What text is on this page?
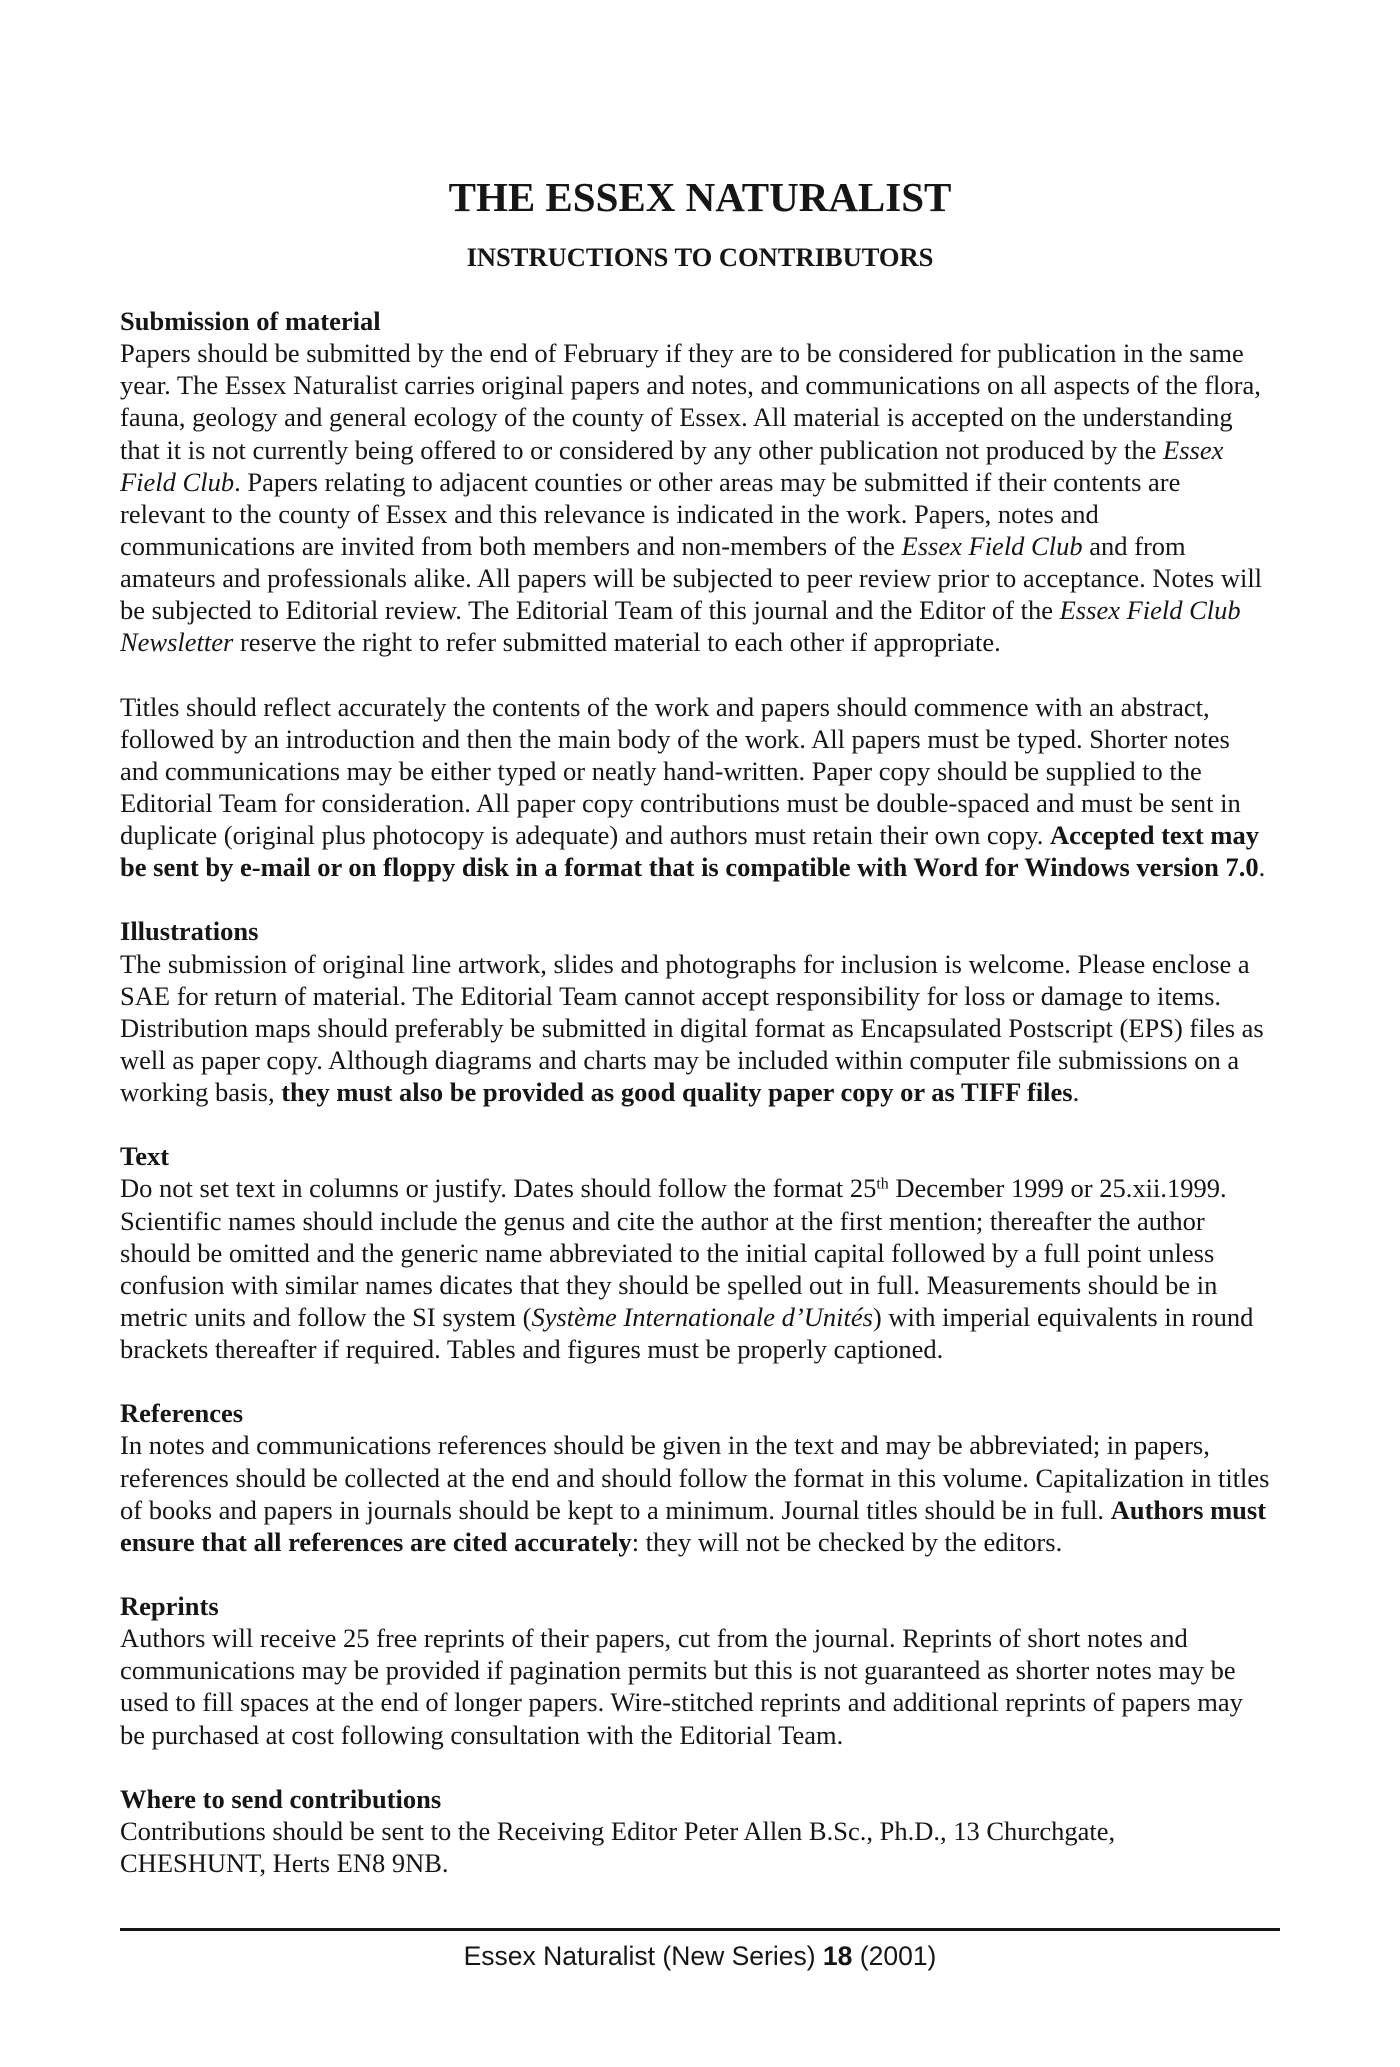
THE ESSEX NATURALIST
INSTRUCTIONS TO CONTRIBUTORS
Submission of material
Papers should be submitted by the end of February if they are to be considered for publication in the same
year. The Essex Naturalist carries original papers and notes, and communications on all aspects of the flora,
fauna, geology and general ecology of the county of Essex. All material is accepted on the understanding
that it is not currently being offered to or considered by any other publication not produced by the Essex
Field Club. Papers relating to adjacent counties or other areas may be submitted if their contents are
relevant to the county of Essex and this relevance is indicated in the work. Papers, notes and
communications are invited from both members and non-members of the Essex Field Club and from
amateurs and professionals alike. All papers will be subjected to peer review prior to acceptance. Notes will
be subjected to Editorial review. The Editorial Team of this journal and the Editor of the Essex Field Club
Newsletter reserve the right to refer submitted material to each other if appropriate.
Titles should reflect accurately the contents of the work and papers should commence with an abstract,
followed by an introduction and then the main body of the work. All papers must be typed. Shorter notes
and communications may be either typed or neatly hand-written. Paper copy should be supplied to the
Editorial Team for consideration. All paper copy contributions must be double-spaced and must be sent in
duplicate (original plus photocopy is adequate) and authors must retain their own copy. Accepted text may
be sent by e-mail or on floppy disk in a format that is compatible with Word for Windows version 7.0.
Illustrations
The submission of original line artwork, slides and photographs for inclusion is welcome. Please enclose a
SAE for return of material. The Editorial Team cannot accept responsibility for loss or damage to items.
Distribution maps should preferably be submitted in digital format as Encapsulated Postscript (EPS) files as
well as paper copy. Although diagrams and charts may be included within computer file submissions on a
working basis, they must also be provided as good quality paper copy or as TIFF files.
Text
Do not set text in columns or justify. Dates should follow the format 25th December 1999 or 25.xii.1999.
Scientific names should include the genus and cite the author at the first mention; thereafter the author
should be omitted and the generic name abbreviated to the initial capital followed by a full point unless
confusion with similar names dicates that they should be spelled out in full. Measurements should be in
metric units and follow the SI system (Système Internationale d’Unités) with imperial equivalents in round
brackets thereafter if required. Tables and figures must be properly captioned.
References
In notes and communications references should be given in the text and may be abbreviated; in papers,
references should be collected at the end and should follow the format in this volume. Capitalization in titles
of books and papers in journals should be kept to a minimum. Journal titles should be in full. Authors must
ensure that all references are cited accurately: they will not be checked by the editors.
Reprints
Authors will receive 25 free reprints of their papers, cut from the journal. Reprints of short notes and
communications may be provided if pagination permits but this is not guaranteed as shorter notes may be
used to fill spaces at the end of longer papers. Wire-stitched reprints and additional reprints of papers may
be purchased at cost following consultation with the Editorial Team.
Where to send contributions
Contributions should be sent to the Receiving Editor Peter Allen B.Sc., Ph.D., 13 Churchgate,
CHESHUNT, Herts EN8 9NB.
Essex Naturalist (New Series) 18 (2001)
